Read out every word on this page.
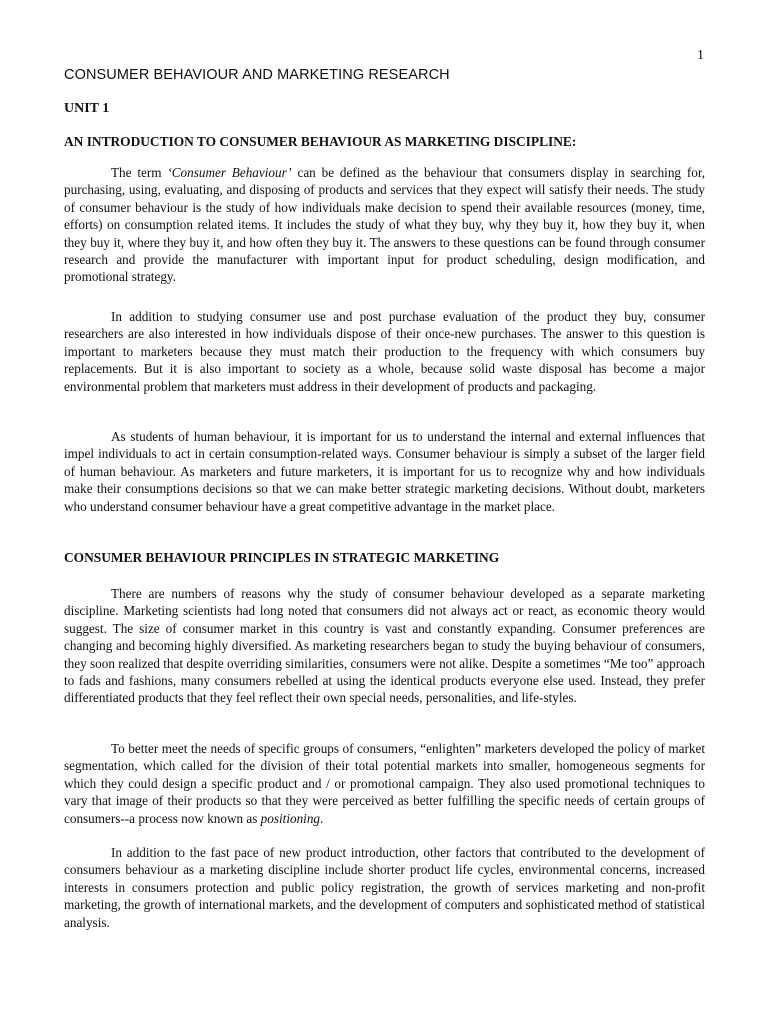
1
CONSUMER BEHAVIOUR AND MARKETING RESEARCH
UNIT 1
AN INTRODUCTION TO CONSUMER BEHAVIOUR AS MARKETING DISCIPLINE:

The term ‘Consumer Behaviour’ can be defined as the behaviour that consumers display in searching for, purchasing, using, evaluating, and disposing of products and services that they expect will satisfy their needs. The study of consumer behaviour is the study of how individuals make decision to spend their available resources (money, time, efforts) on consumption related items. It includes the study of what they buy, why they buy it, how they buy it, when they buy it, where they buy it, and how often they buy it. The answers to these questions can be found through consumer research and provide the manufacturer with important input for product scheduling, design modification, and promotional strategy.

In addition to studying consumer use and post purchase evaluation of the product they buy, consumer researchers are also interested in how individuals dispose of their once-new purchases. The answer to this question is important to marketers because they must match their production to the frequency with which consumers buy replacements. But it is also important to society as a whole, because solid waste disposal has become a major environmental problem that marketers must address in their development of products and packaging.

As students of human behaviour, it is important for us to understand the internal and external influences that impel individuals to act in certain consumption-related ways. Consumer behaviour is simply a subset of the larger field of human behaviour. As marketers and future marketers, it is important for us to recognize why and how individuals make their consumptions decisions so that we can make better strategic marketing decisions. Without doubt, marketers who understand consumer behaviour have a great competitive advantage in the market place.

CONSUMER BEHAVIOUR PRINCIPLES IN STRATEGIC MARKETING

There are numbers of reasons why the study of consumer behaviour developed as a separate marketing discipline. Marketing scientists had long noted that consumers did not always act or react, as economic theory would suggest. The size of consumer market in this country is vast and constantly expanding. Consumer preferences are changing and becoming highly diversified. As marketing researchers began to study the buying behaviour of consumers, they soon realized that despite overriding similarities, consumers were not alike. Despite a sometimes “Me too” approach to fads and fashions, many consumers rebelled at using the identical products everyone else used. Instead, they prefer differentiated products that they feel reflect their own special needs, personalities, and life-styles.

To better meet the needs of specific groups of consumers, “enlighten” marketers developed the policy of market segmentation, which called for the division of their total potential markets into smaller, homogeneous segments for which they could design a specific product and / or promotional campaign. They also used promotional techniques to vary that image of their products so that they were perceived as better fulfilling the specific needs of certain groups of consumers--a process now known as positioning.

In addition to the fast pace of new product introduction, other factors that contributed to the development of consumers behaviour as a marketing discipline include shorter product life cycles, environmental concerns, increased interests in consumers protection and public policy registration, the growth of services marketing and non-profit marketing, the growth of international markets, and the development of computers and sophisticated method of statistical analysis.
